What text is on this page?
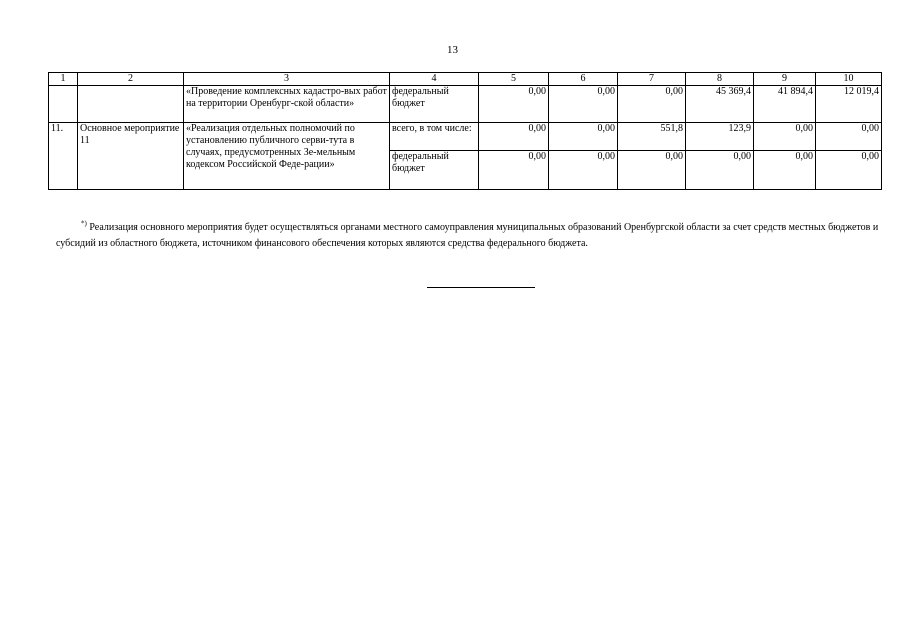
13
1	2	3	4	5	6	7	8	9	10
		«Проведение комплексных кадастро-вых работ на территории Оренбург-ской области»	федеральный бюджет	0,00	0,00	0,00	45 369,4	41 894,4	12 019,4
11.	Основное мероприятие 11	«Реализация отдельных полномочий по установлению публичного серви-тута в случаях, предусмотренных Зе-мельным кодексом Российской Феде-рации»	всего, в том числе:	0,00	0,00	551,8	123,9	0,00	0,00
			федеральный бюджет	0,00	0,00	0,00	0,00	0,00	0,00
*) Реализация основного мероприятия будет осуществляться органами местного самоуправления муниципальных образований Оренбургской области за счет средств местных бюджетов и субсидий из областного бюджета, источником финансового обеспечения которых являются средства федерального бюджета.
